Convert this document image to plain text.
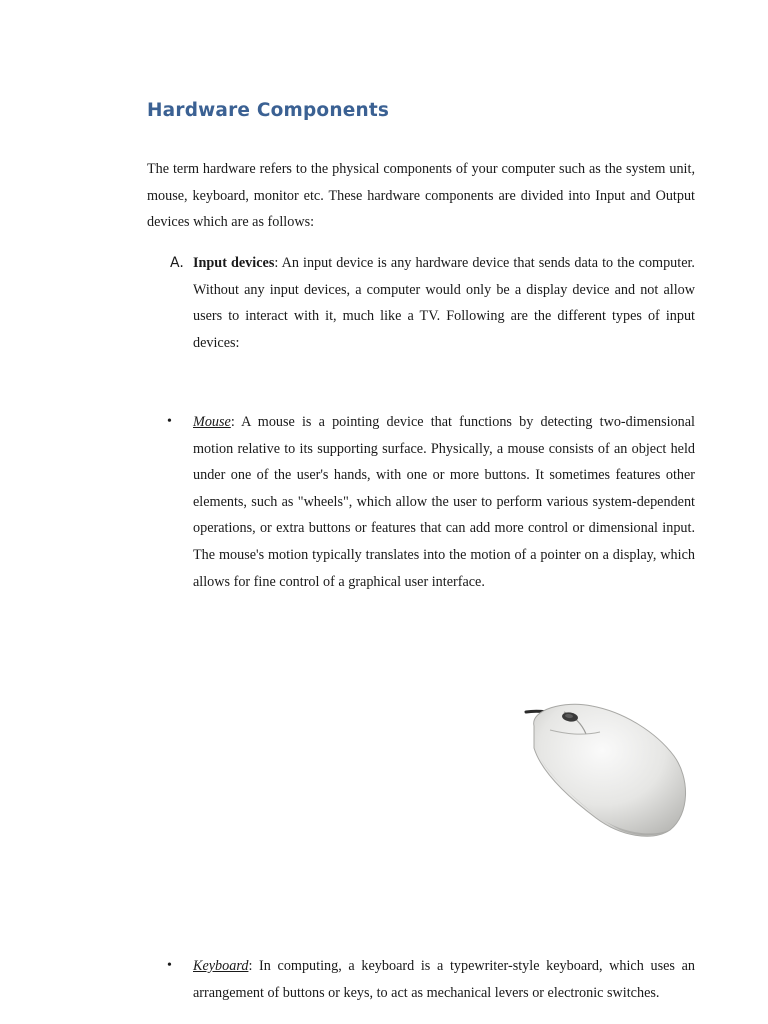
Hardware Components
The term hardware refers to the physical components of your computer such as the system unit, mouse, keyboard, monitor etc. These hardware components are divided into Input and Output devices which are as follows:
A. Input devices: An input device is any hardware device that sends data to the computer. Without any input devices, a computer would only be a display device and not allow users to interact with it, much like a TV. Following are the different types of input devices:
• Mouse: A mouse is a pointing device that functions by detecting two-dimensional motion relative to its supporting surface. Physically, a mouse consists of an object held under one of the user's hands, with one or more buttons. It sometimes features other elements, such as "wheels", which allow the user to perform various system-dependent operations, or extra buttons or features that can add more control or dimensional input. The mouse's motion typically translates into the motion of a pointer on a display, which allows for fine control of a graphical user interface.
• Keyboard: In computing, a keyboard is a typewriter-style keyboard, which uses an arrangement of buttons or keys, to act as mechanical levers or electronic switches.
